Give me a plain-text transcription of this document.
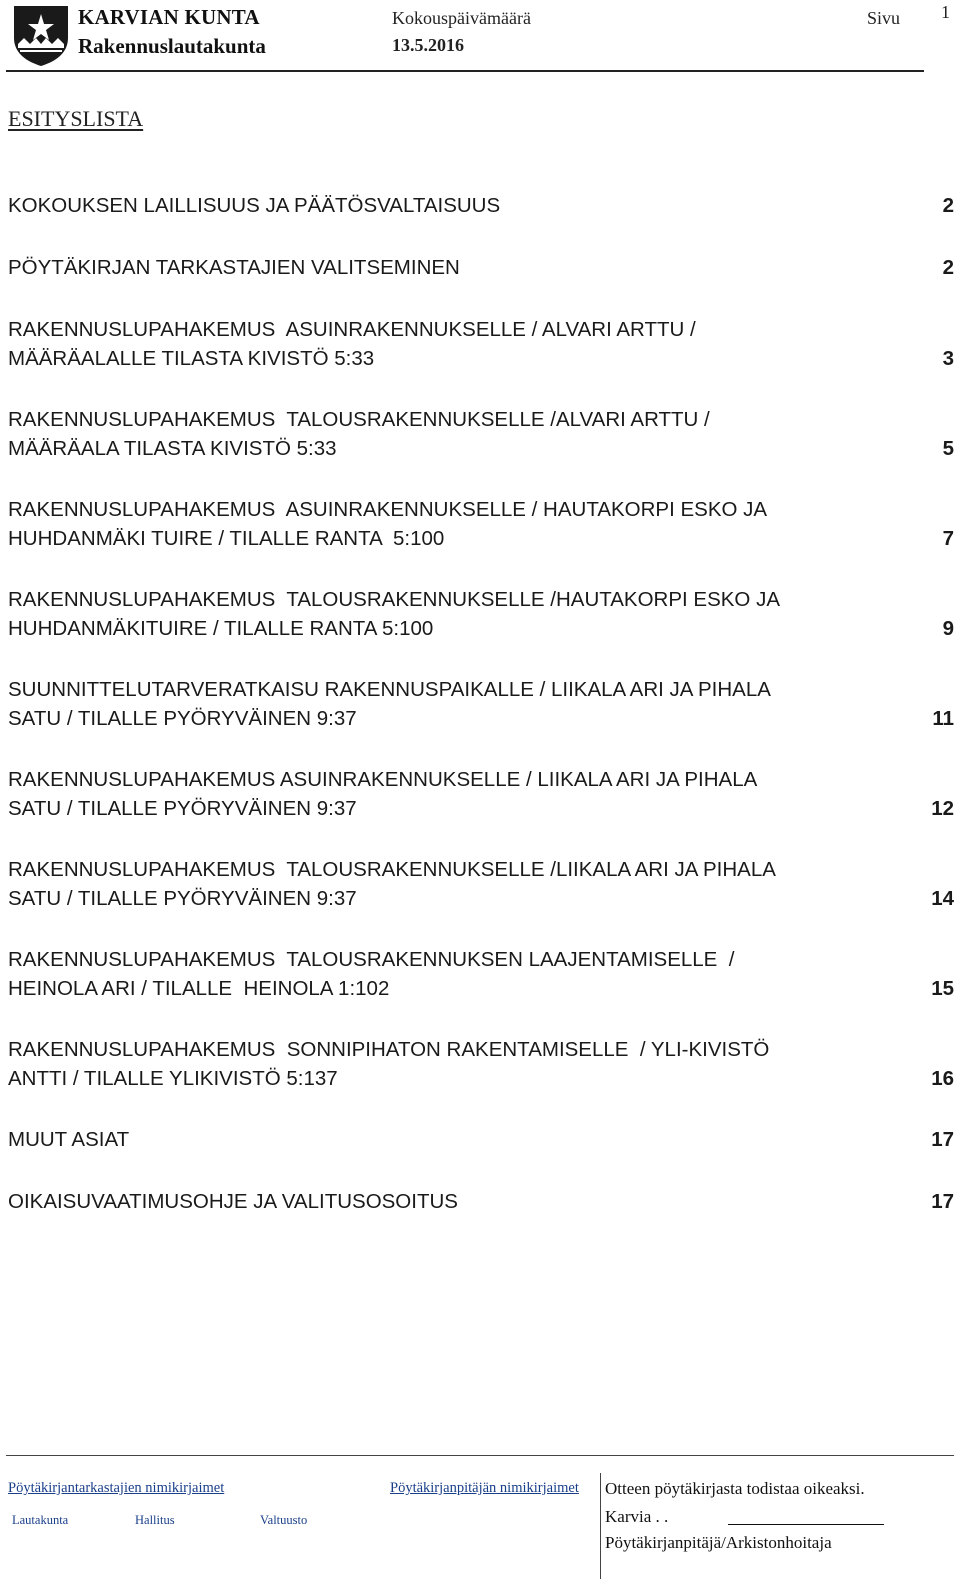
KARVIAN KUNTA
Rakennuslautakunta
Kokouspäivämäärä
13.5.2016
Sivu 1
ESITYSLISTA
KOKOUKSEN LAILLISUUS JA PÄÄTÖSVALTAISUUS	2
PÖYTÄKIRJAN TARKASTAJIEN VALITSEMINEN	2
RAKENNUSLUPAHAKEMUS  ASUINRAKENNUKSELLE / ALVARI ARTTU /
MÄÄRÄALALLE TILASTA KIVISTÖ 5:33	3
RAKENNUSLUPAHAKEMUS  TALOUSRAKENNUKSELLE /ALVARI ARTTU /
MÄÄRÄALA TILASTA KIVISTÖ 5:33	5
RAKENNUSLUPAHAKEMUS  ASUINRAKENNUKSELLE / HAUTAKORPI ESKO JA
HUHDANMÄKI TUIRE / TILALLE RANTA  5:100	7
RAKENNUSLUPAHAKEMUS  TALOUSRAKENNUKSELLE /HAUTAKORPI ESKO JA
HUHDANMÄKITUIRE / TILALLE RANTA 5:100	9
SUUNNITTELUTARVERATKAISU RAKENNUSPAIKALLE / LIIKALA ARI JA PIHALA
SATU / TILALLE PYÖRYVÄINEN 9:37	11
RAKENNUSLUPAHAKEMUS ASUINRAKENNUKSELLE / LIIKALA ARI JA PIHALA
SATU / TILALLE PYÖRYVÄINEN 9:37	12
RAKENNUSLUPAHAKEMUS  TALOUSRAKENNUKSELLE /LIIKALA ARI JA PIHALA
SATU / TILALLE PYÖRYVÄINEN 9:37	14
RAKENNUSLUPAHAKEMUS  TALOUSRAKENNUKSEN LAAJENTAMISELLE  /
HEINOLA ARI / TILALLE  HEINOLA 1:102	15
RAKENNUSLUPAHAKEMUS  SONNIPIHATON RAKENTAMISELLE  / YLI-KIVISTÖ
ANTTI / TILALLE YLIKIVISTÖ 5:137	16
MUUT ASIAT	17
OIKAISUVAATIMUSOHJE JA VALITUSOSOITUS	17
Pöytäkirjantarkastajien nimikirjaimet	Pöytäkirjanpitäjän nimikirjaimet
Lautakunta	Hallitus	Valtuusto
Otteen pöytäkirjasta todistaa oikeaksi.
Karvia . .
Pöytäkirjanpitäjä/Arkistonhoitaja
